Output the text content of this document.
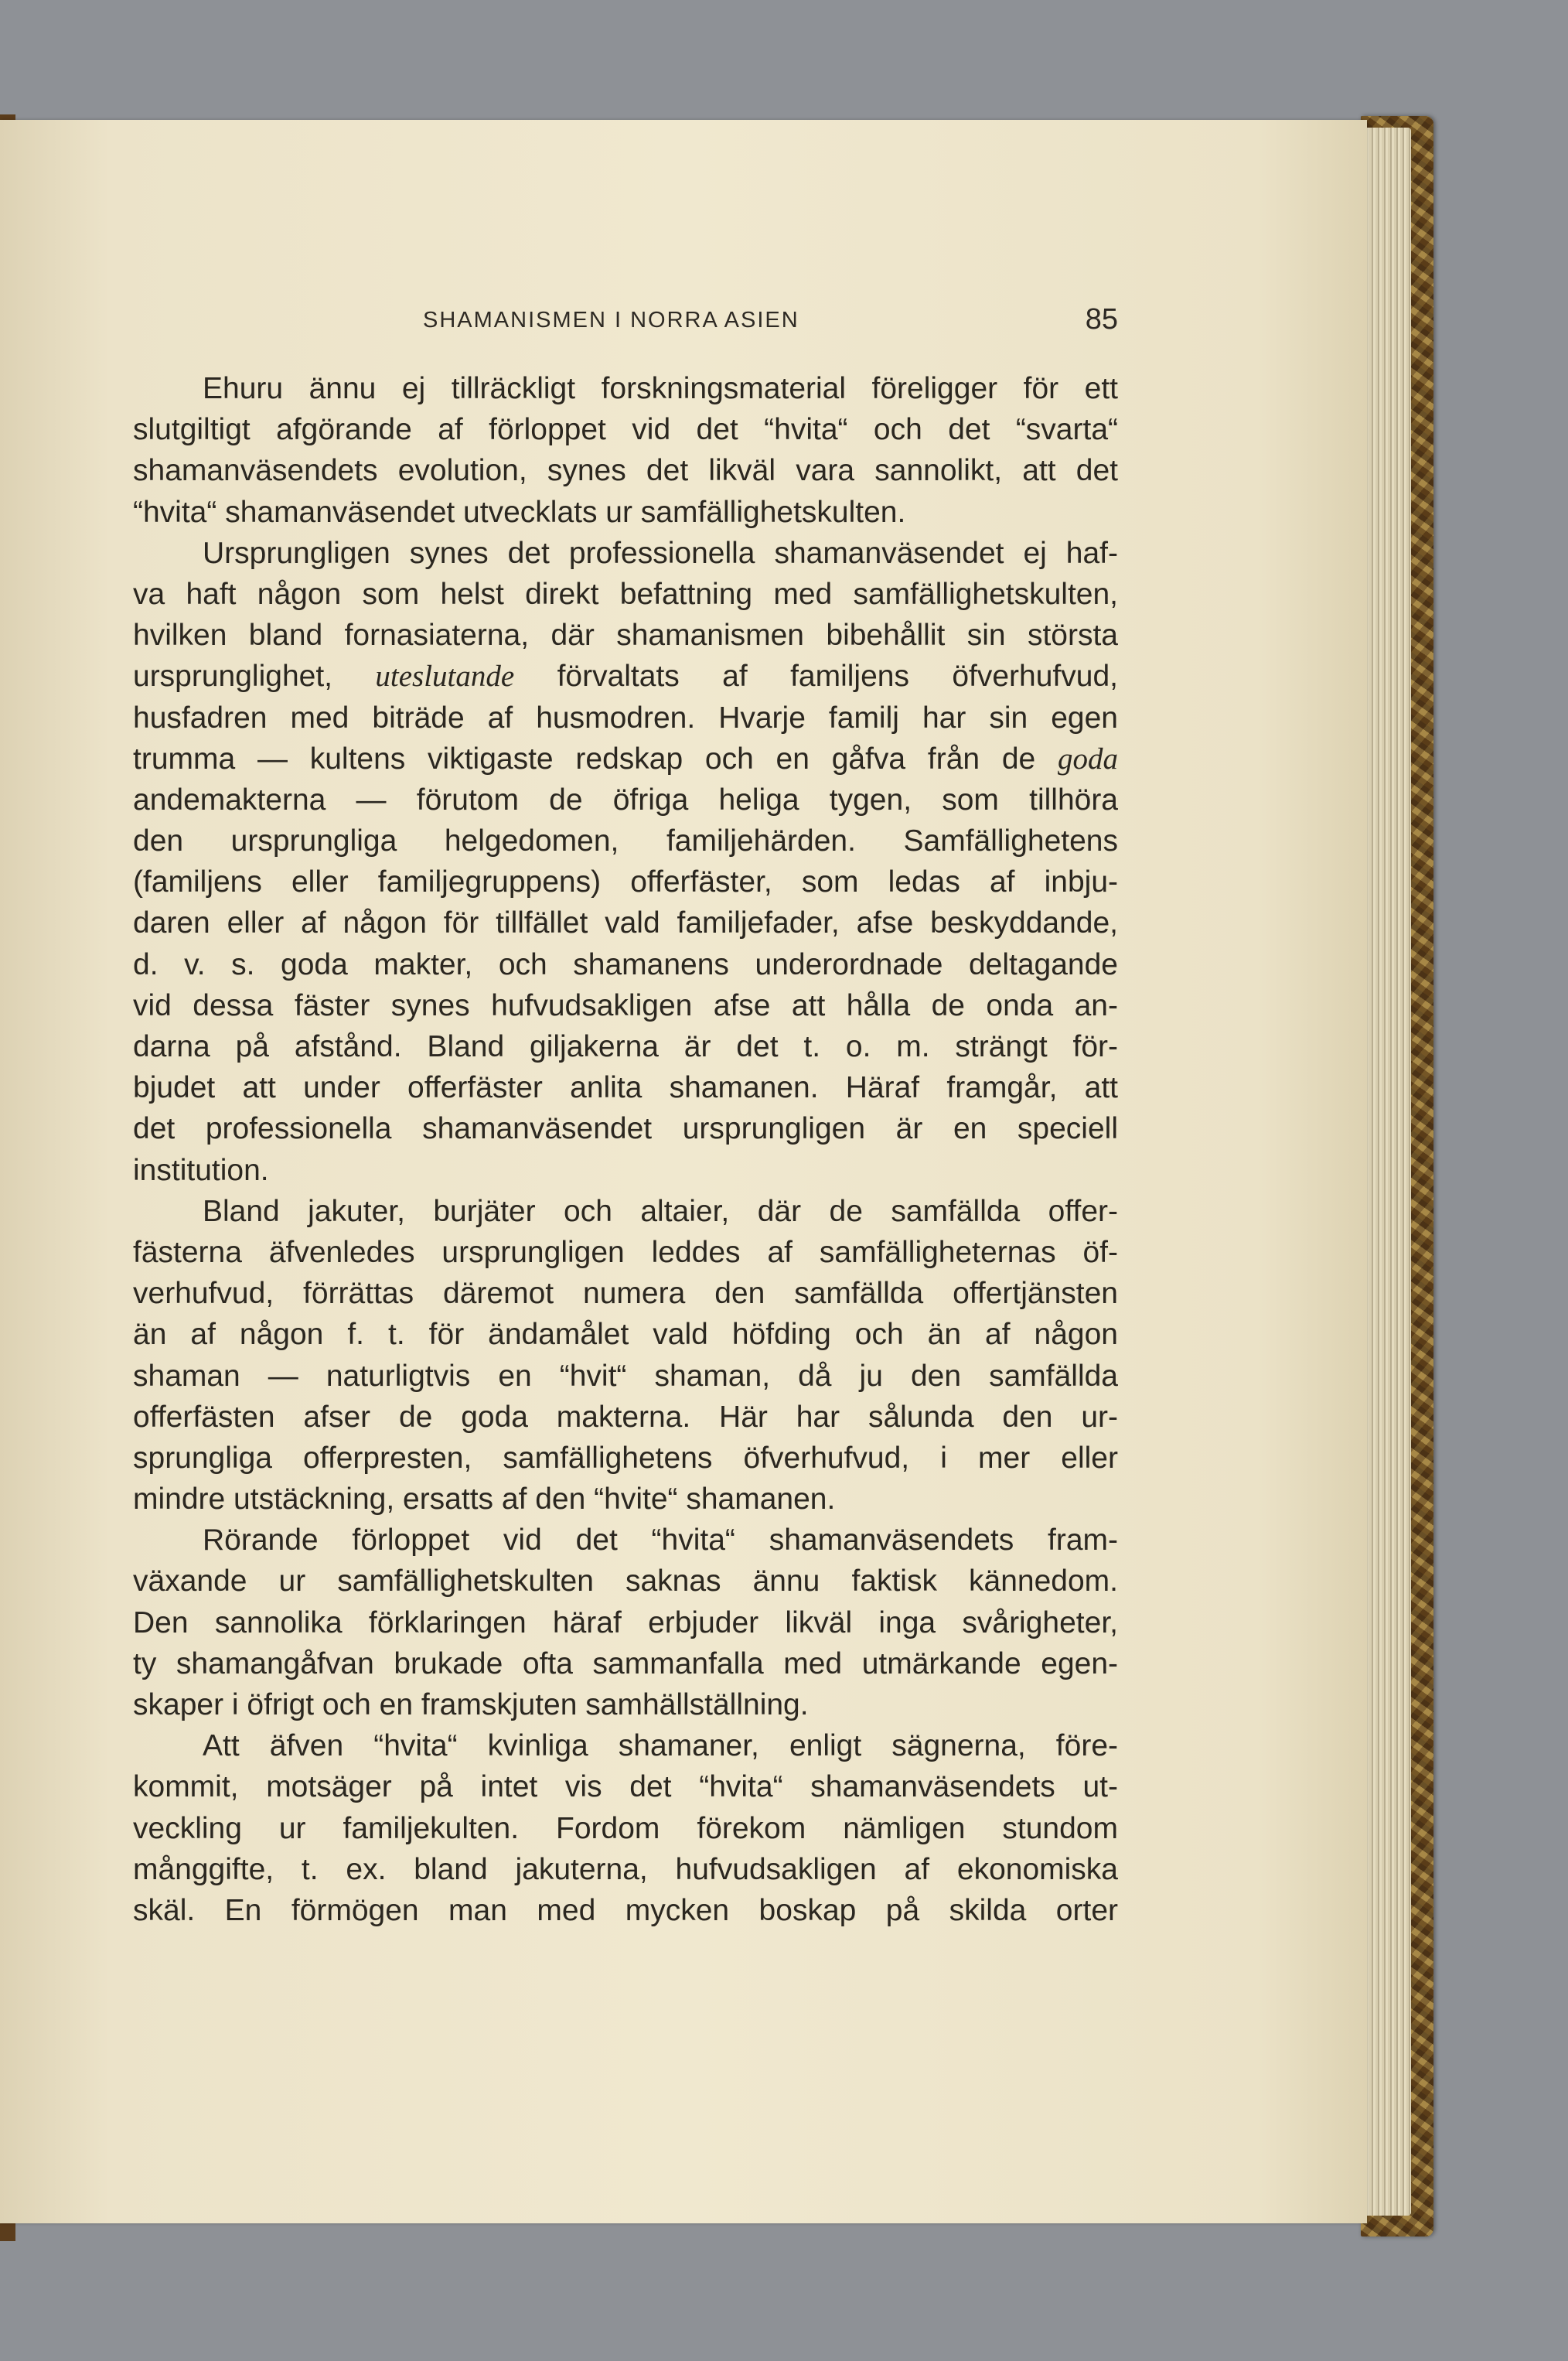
SHAMANISMEN I NORRA ASIEN	85
Ehuru ännu ej tillräckligt forskningsmaterial föreligger för ett
slutgiltigt afgörande af förloppet vid det “hvita“ och det “svarta“
shamanväsendets evolution, synes det likväl vara sannolikt, att det
“hvita“ shamanväsendet utvecklats ur samfällighetskulten.
Ursprungligen synes det professionella shamanväsendet ej haf-
va haft någon som helst direkt befattning med samfällighetskulten,
hvilken bland fornasiaterna, där shamanismen bibehållit sin största
ursprunglighet, uteslutande förvaltats af familjens öfverhufvud,
husfadren med biträde af husmodren. Hvarje familj har sin egen
trumma — kultens viktigaste redskap och en gåfva från de goda
andemakterna — förutom de öfriga heliga tygen, som tillhöra
den ursprungliga helgedomen, familjehärden. Samfällighetens
(familjens eller familjegruppens) offerfäster, som ledas af inbju-
daren eller af någon för tillfället vald familjefader, afse beskyddande,
d. v. s. goda makter, och shamanens underordnade deltagande
vid dessa fäster synes hufvudsakligen afse att hålla de onda an-
darna på afstånd. Bland giljakerna är det t. o. m. strängt för-
bjudet att under offerfäster anlita shamanen. Häraf framgår, att
det professionella shamanväsendet ursprungligen är en speciell
institution.
Bland jakuter, burjäter och altaier, där de samfällda offer-
fästerna äfvenledes ursprungligen leddes af samfälligheternas öf-
verhufvud, förrättas däremot numera den samfällda offertjänsten
än af någon f. t. för ändamålet vald höfding och än af någon
shaman — naturligtvis en “hvit“ shaman, då ju den samfällda
offerfästen afser de goda makterna. Här har sålunda den ur-
sprungliga offerpresten, samfällighetens öfverhufvud, i mer eller
mindre utstäckning, ersatts af den “hvite“ shamanen.
Rörande förloppet vid det “hvita“ shamanväsendets fram-
växande ur samfällighetskulten saknas ännu faktisk kännedom.
Den sannolika förklaringen häraf erbjuder likväl inga svårigheter,
ty shamangåfvan brukade ofta sammanfalla med utmärkande egen-
skaper i öfrigt och en framskjuten samhällställning.
Att äfven “hvita“ kvinliga shamaner, enligt sägnerna, före-
kommit, motsäger på intet vis det “hvita“ shamanväsendets ut-
veckling ur familjekulten. Fordom förekom nämligen stundom
månggifte, t. ex. bland jakuterna, hufvudsakligen af ekonomiska
skäl. En förmögen man med mycken boskap på skilda orter
